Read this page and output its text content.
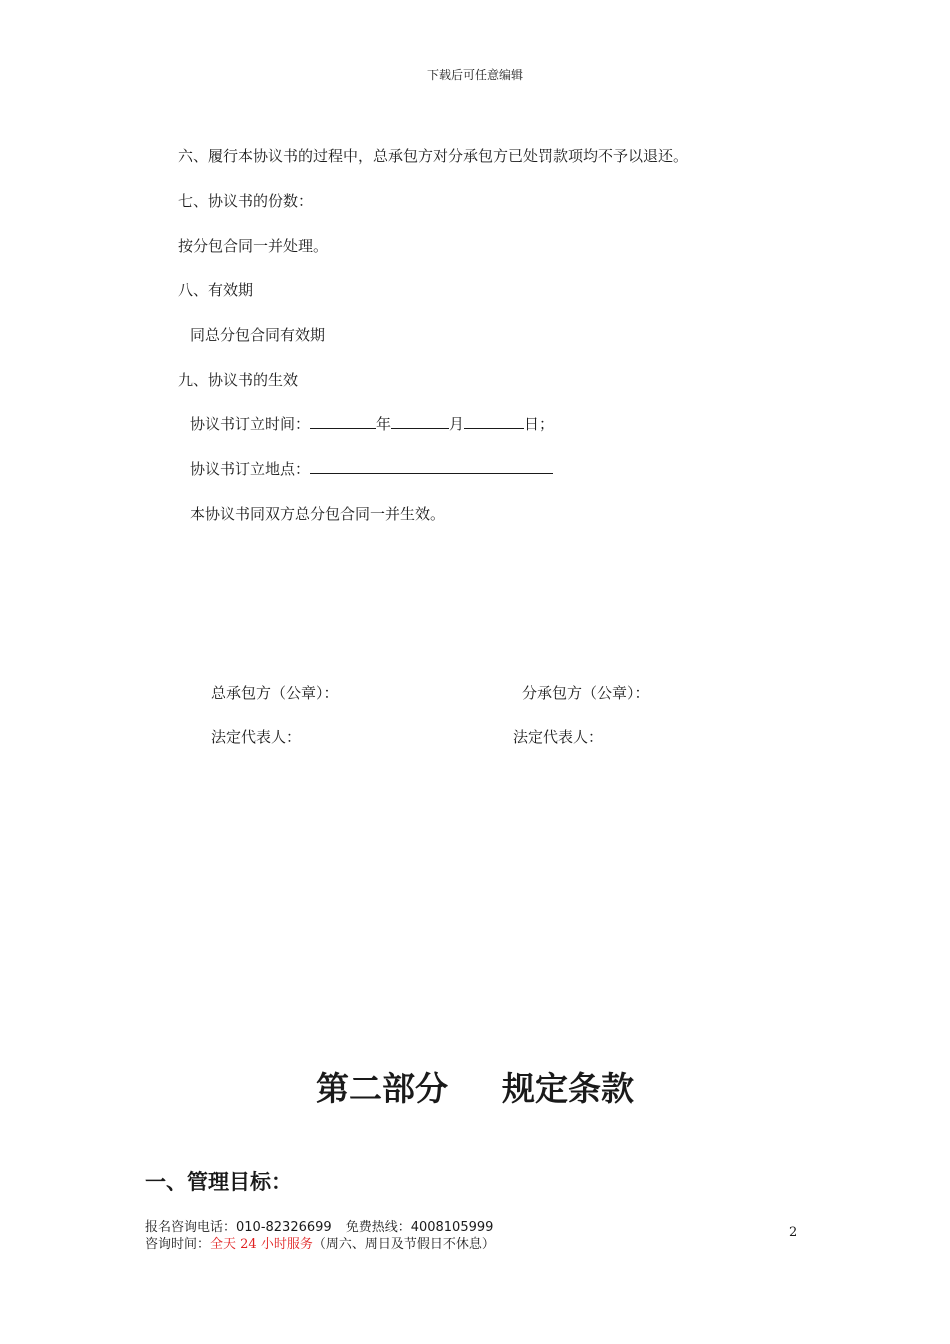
下载后可任意编辑
六、履行本协议书的过程中，总承包方对分承包方已处罚款项均不予以退还。
七、协议书的份数：
按分包合同一并处理。
八、有效期
同总分包合同有效期
九、协议书的生效
协议书订立时间：	年	月	日；
协议书订立地点：
本协议书同双方总分包合同一并生效。
总承包方（公章）：	分承包方（公章）：
法定代表人：	法定代表人：
第二部分 规定条款
一、管理目标：
报名咨询电话：010-82326699 免费热线：4008105999
咨询时间：全天 24 小时服务（周六、周日及节假日不休息）
2
